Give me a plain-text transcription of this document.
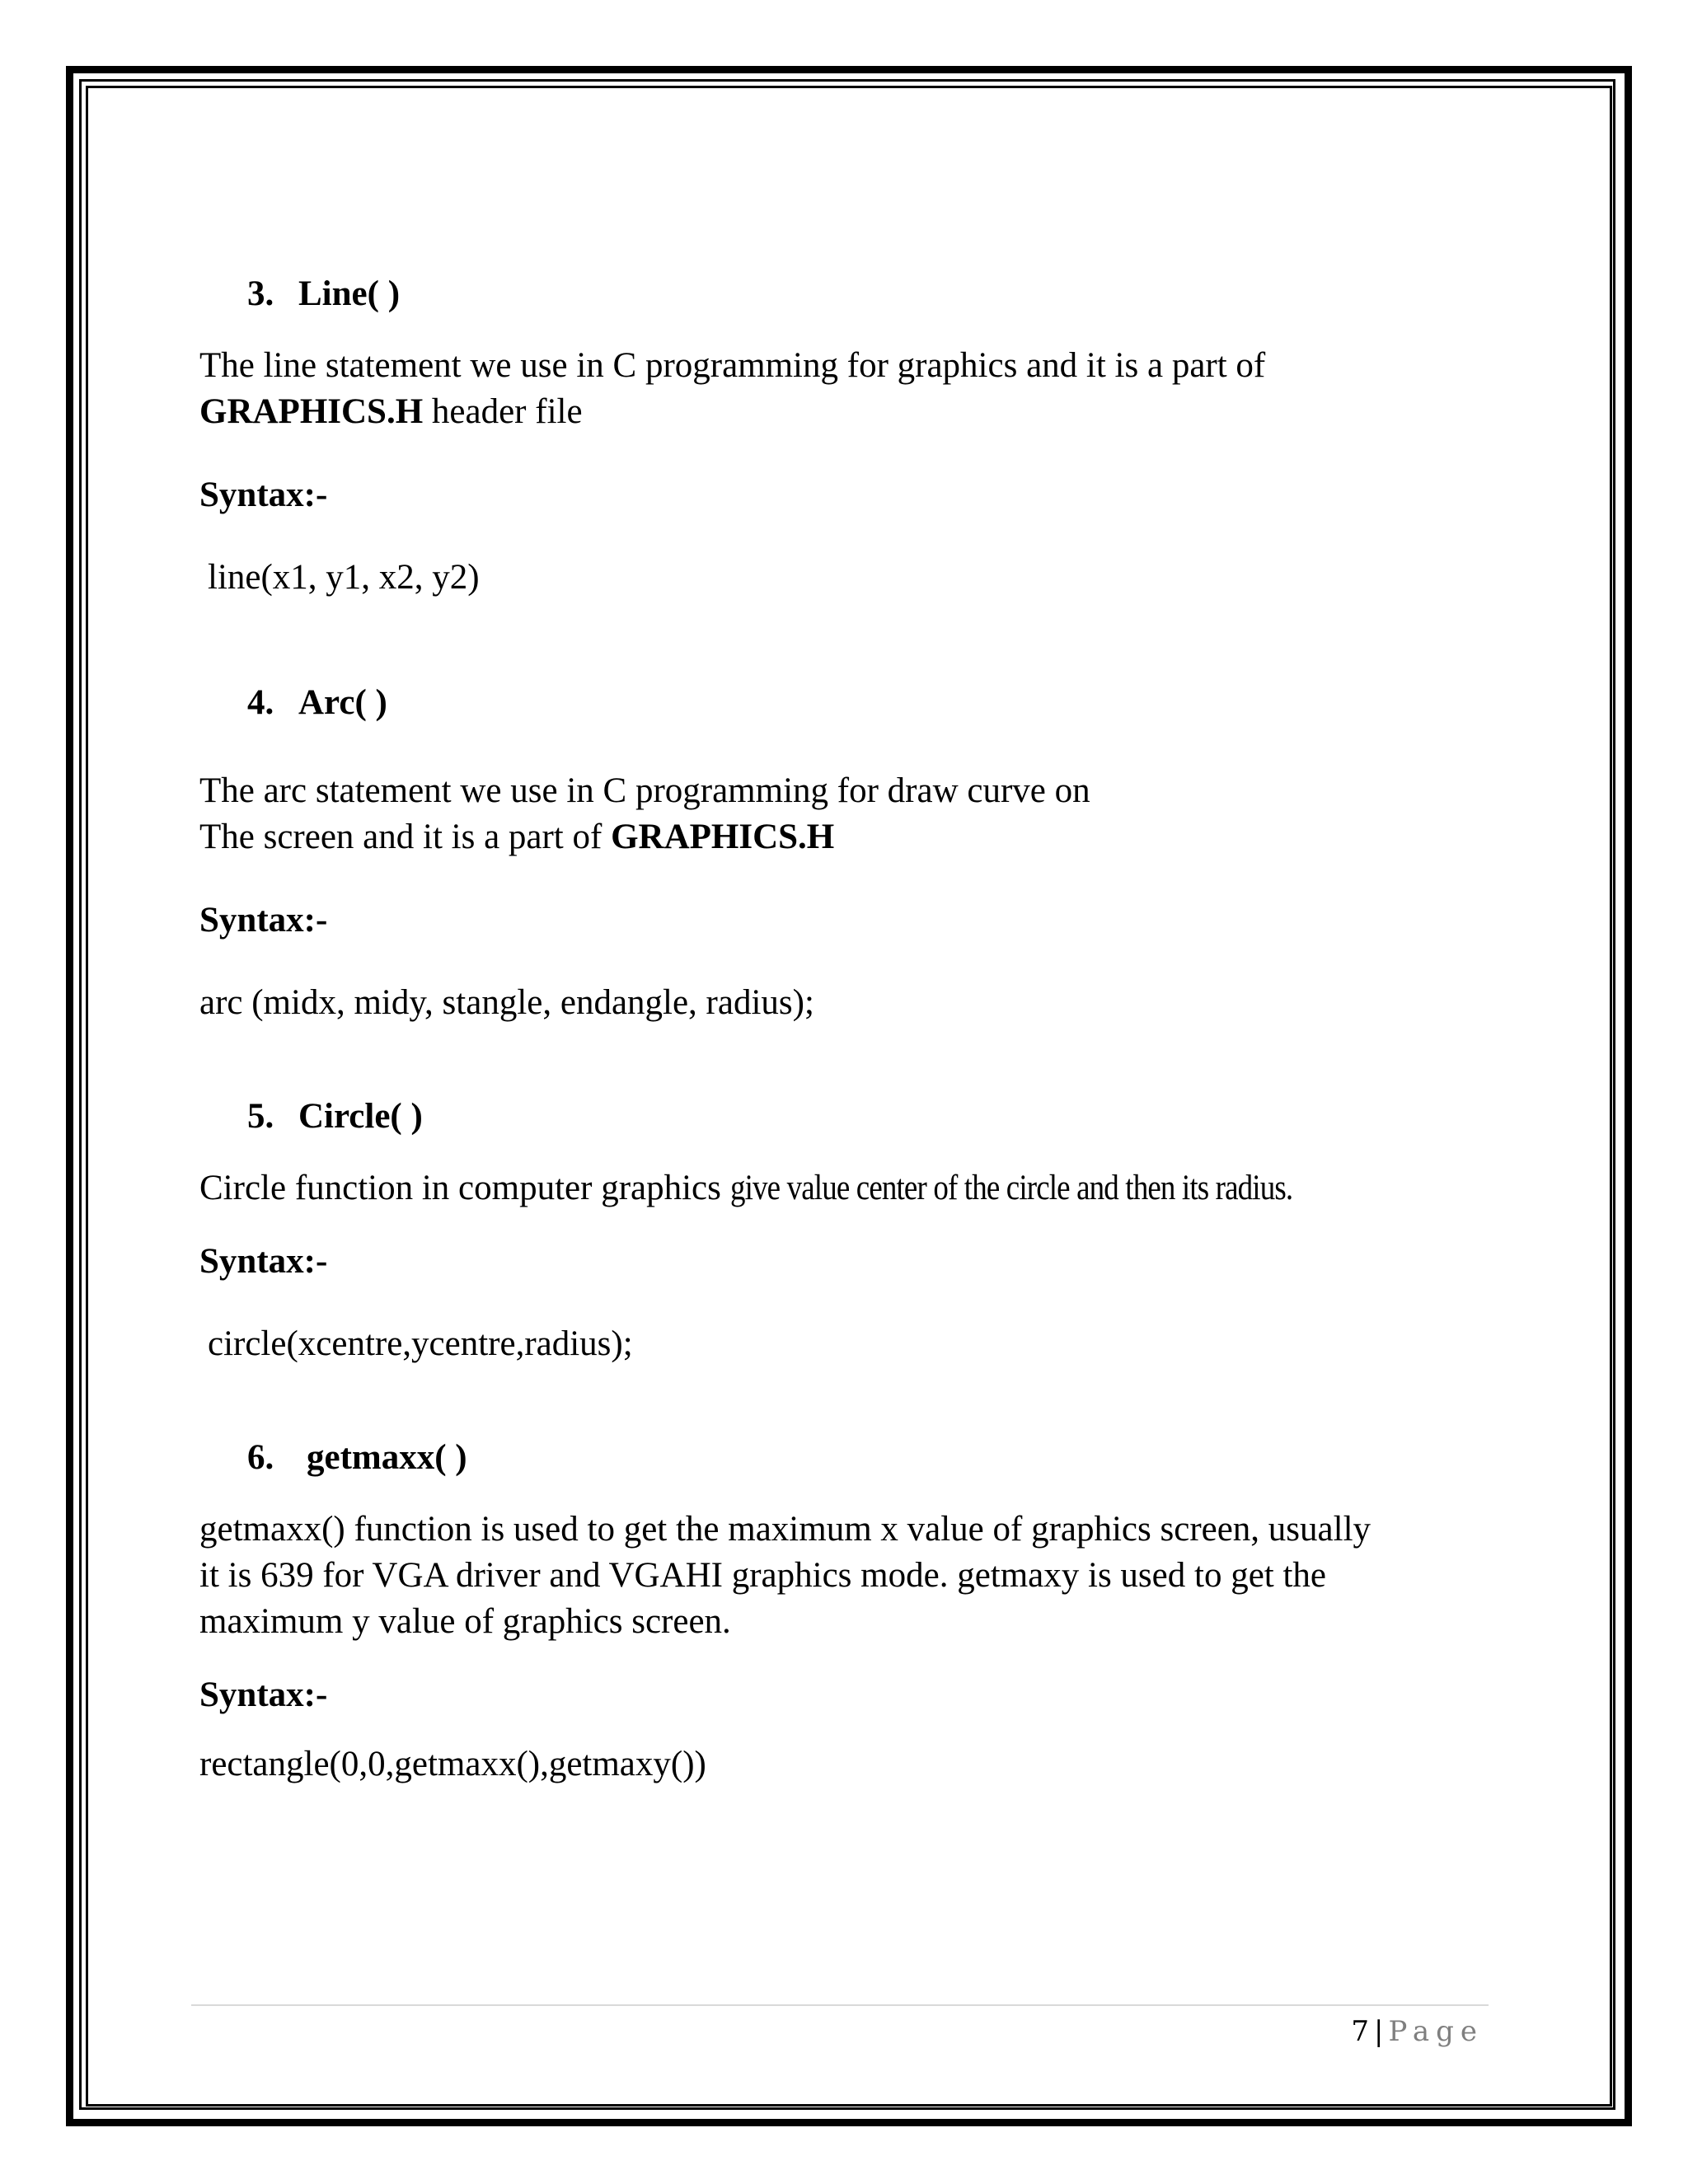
3. Line( )

The line statement we use in C programming for graphics and it is a part of
GRAPHICS.H header file

Syntax:-

line(x1, y1, x2, y2)

4. Arc( )

The arc statement we use in C programming for draw curve on
The screen and it is a part of GRAPHICS.H

Syntax:-

arc (midx, midy, stangle, endangle, radius);

5. Circle( )

Circle function in computer graphics give value center of the circle and then its radius.

Syntax:-

circle(xcentre,ycentre,radius);

6. getmaxx( )

getmaxx() function is used to get the maximum x value of graphics screen, usually
it is 639 for VGA driver and VGAHI graphics mode. getmaxy is used to get the
maximum y value of graphics screen.

Syntax:-

rectangle(0,0,getmaxx(),getmaxy())

7 | Page
